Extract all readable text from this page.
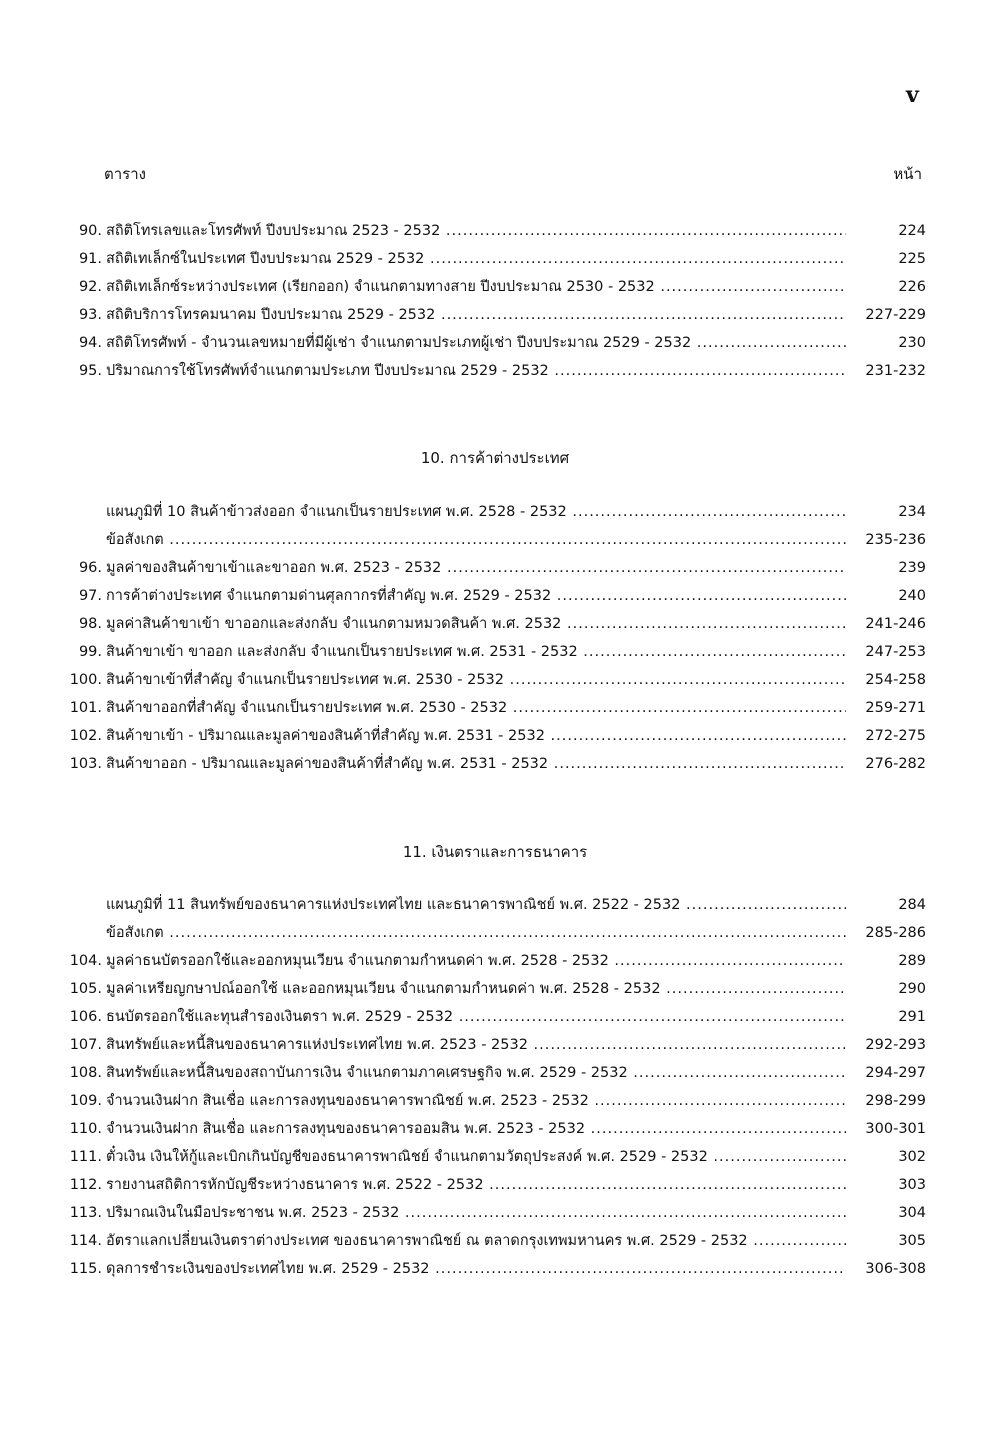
v
ตาราง	หน้า
90. สถิติโทรเลขและโทรศัพท์ ปีงบประมาณ 2523 - 2532 .....	224
91. สถิติเทเล็กซ์ในประเทศ ปีงบประมาณ 2529 - 2532 .....	225
92. สถิติเทเล็กซ์ระหว่างประเทศ (เรียกออก) จำแนกตามทางสาย ปีงบประมาณ 2530 - 2532 .....	226
93. สถิติบริการโทรคมนาคม ปีงบประมาณ 2529 - 2532 .....	227-229
94. สถิติโทรศัพท์ - จำนวนเลขหมายที่มีผู้เช่า จำแนกตามประเภทผู้เช่า ปีงบประมาณ 2529 - 2532 .....	230
95. ปริมาณการใช้โทรศัพท์จำแนกตามประเภท ปีงบประมาณ 2529 - 2532 .....	231-232
10. การค้าต่างประเทศ
แผนภูมิที่ 10 สินค้าข้าวส่งออก จำแนกเป็นรายประเทศ พ.ศ. 2528 - 2532 .....	234
ข้อสังเกต .....	235-236
96. มูลค่าของสินค้าขาเข้าและขาออก พ.ศ. 2523 - 2532 .....	239
97. การค้าต่างประเทศ จำแนกตามด่านศุลกากรที่สำคัญ พ.ศ. 2529 - 2532 .....	240
98. มูลค่าสินค้าขาเข้า ขาออกและส่งกลับ จำแนกตามหมวดสินค้า พ.ศ. 2532 .....	241-246
99. สินค้าขาเข้า ขาออก และส่งกลับ จำแนกเป็นรายประเทศ พ.ศ. 2531 - 2532 .....	247-253
100. สินค้าขาเข้าที่สำคัญ จำแนกเป็นรายประเทศ พ.ศ. 2530 - 2532 .....	254-258
101. สินค้าขาออกที่สำคัญ จำแนกเป็นรายประเทศ พ.ศ. 2530 - 2532 .....	259-271
102. สินค้าขาเข้า - ปริมาณและมูลค่าของสินค้าที่สำคัญ พ.ศ. 2531 - 2532 .....	272-275
103. สินค้าขาออก - ปริมาณและมูลค่าของสินค้าที่สำคัญ พ.ศ. 2531 - 2532 .....	276-282
11. เงินตราและการธนาคาร
แผนภูมิที่ 11 สินทรัพย์ของธนาคารแห่งประเทศไทย และธนาคารพาณิชย์ พ.ศ. 2522 - 2532 .....	284
ข้อสังเกต .....	285-286
104. มูลค่าธนบัตรออกใช้และออกหมุนเวียน จำแนกตามกำหนดค่า พ.ศ. 2528 - 2532 .....	289
105. มูลค่าเหรียญกษาปณ์ออกใช้ และออกหมุนเวียน จำแนกตามกำหนดค่า พ.ศ. 2528 - 2532 .....	290
106. ธนบัตรออกใช้และทุนสำรองเงินตรา พ.ศ. 2529 - 2532 .....	291
107. สินทรัพย์และหนี้สินของธนาคารแห่งประเทศไทย พ.ศ. 2523 - 2532 .....	292-293
108. สินทรัพย์และหนี้สินของสถาบันการเงิน จำแนกตามภาคเศรษฐกิจ พ.ศ. 2529 - 2532 .....	294-297
109. จำนวนเงินฝาก สินเชื่อ และการลงทุนของธนาคารพาณิชย์ พ.ศ. 2523 - 2532 .....	298-299
110. จำนวนเงินฝาก สินเชื่อ และการลงทุนของธนาคารออมสิน พ.ศ. 2523 - 2532 .....	300-301
111. ตั๋วเงิน เงินให้กู้และเบิกเกินบัญชีของธนาคารพาณิชย์ จำแนกตามวัตถุประสงค์ พ.ศ. 2529 - 2532 .....	302
112. รายงานสถิติการหักบัญชีระหว่างธนาคาร พ.ศ. 2522 - 2532 .....	303
113. ปริมาณเงินในมือประชาชน พ.ศ. 2523 - 2532 .....	304
114. อัตราแลกเปลี่ยนเงินตราต่างประเทศ ของธนาคารพาณิชย์ ณ ตลาดกรุงเทพมหานคร พ.ศ. 2529 - 2532 .....	305
115. ดุลการชำระเงินของประเทศไทย พ.ศ. 2529 - 2532 .....	306-308
